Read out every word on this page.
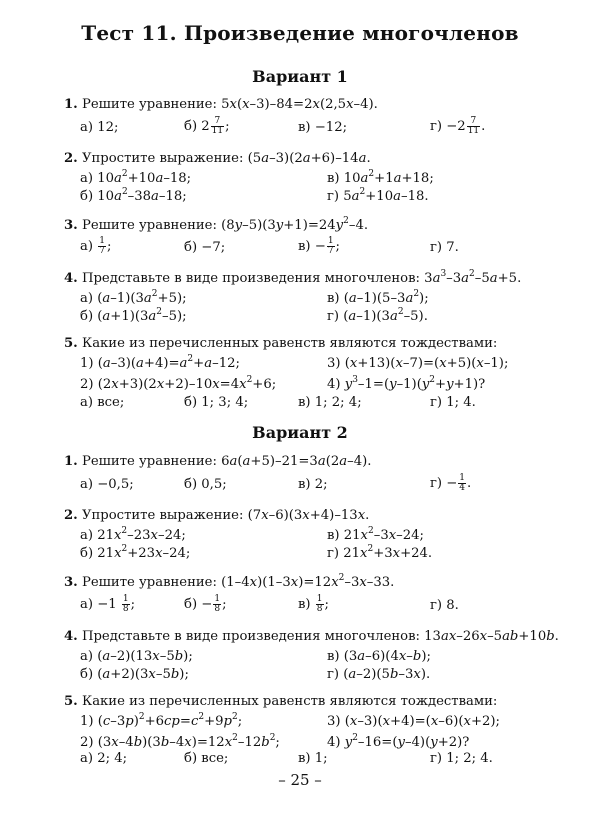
Тест 11. Произведение многочленов
Вариант 1
1. Решите уравнение: 5x(x–3)–84=2x(2,5x–4).
а) 12;	б) $2 \frac{7}{11}$ ;	в) −12;	$г) -2 \frac{7}{11}$ .
2. Упростите выражение: (5a–3)(2a+6)–14a.
а) $10a^2+10a-18$;	в) $10a^2+1a+18$;
б) $10a^2-38a-18$;	г) $5a^2+10a-18$.
3. Решите уравнение: $(8y-5)(3y+1)=24y^2-4$.
$а) \frac{1}{7}$ ;	б) −7;	$в) - \frac{1}{7}$ ;	г) 7.
4. Представьте в виде произведения многочленов: $3a^3-3a^2-5a+5$.
а) $(a-1)(3a^2+5)$;	в) $(a-1)(5-3a^2)$;
б) $(a+1)(3a^2-5)$;	г) $(a-1)(3a^2-5)$.
5. Какие из перечисленных равенств являются тождествами:
1) $(a-3)(a+4)=a^2+a-12$;	3) (x+13)(x–7)=(x+5)(x–1);
2) $(2x+3)(2x+2)-10x=4x^2+6$;	4) $y^3-1=(y-1)(y^2+y+1)$?
а) все;	б) 1; 3; 4;	в) 1; 2; 4;	г) 1; 4.
Вариант 2
1. Решите уравнение: 6a(a+5)–21=3a(2a–4).
а) −0,5;	б) 0,5;	в) 2;	$г) - \frac{1}{4}$ .
2. Упростите выражение: (7x–6)(3x+4)–13x.
а) $21x^2-23x-24$;	в) $21x^2-3x-24$;
б) $21x^2+23x-24$;	г) $21x^2+3x+24$.
3. Решите уравнение: $(1-4x)(1-3x)=12x^2-3x-33$.
$а) -1 \frac{1}{8}$ ;	$б) - \frac{1}{8}$ ;	$в) \frac{1}{8}$ ;	г) 8.
4. Представьте в виде произведения многочленов: 13ax–26x–5ab+10b.
а) (a–2)(13x–5b);	в) (3a–6)(4x–b);
б) (a+2)(3x–5b);	г) (a–2)(5b–3x).
5. Какие из перечисленных равенств являются тождествами:
1) $(c-3p)^2+6cp=c^2+9p^2$;	3) (x–3)(x+4)=(x–6)(x+2);
2) $(3x-4b)(3b-4x)=12x^2-12b^2$;	4) $y^2-16=(y-4)(y+2)$?
а) 2; 4;	б) все;	в) 1;	г) 1; 2; 4.
– 25 –
